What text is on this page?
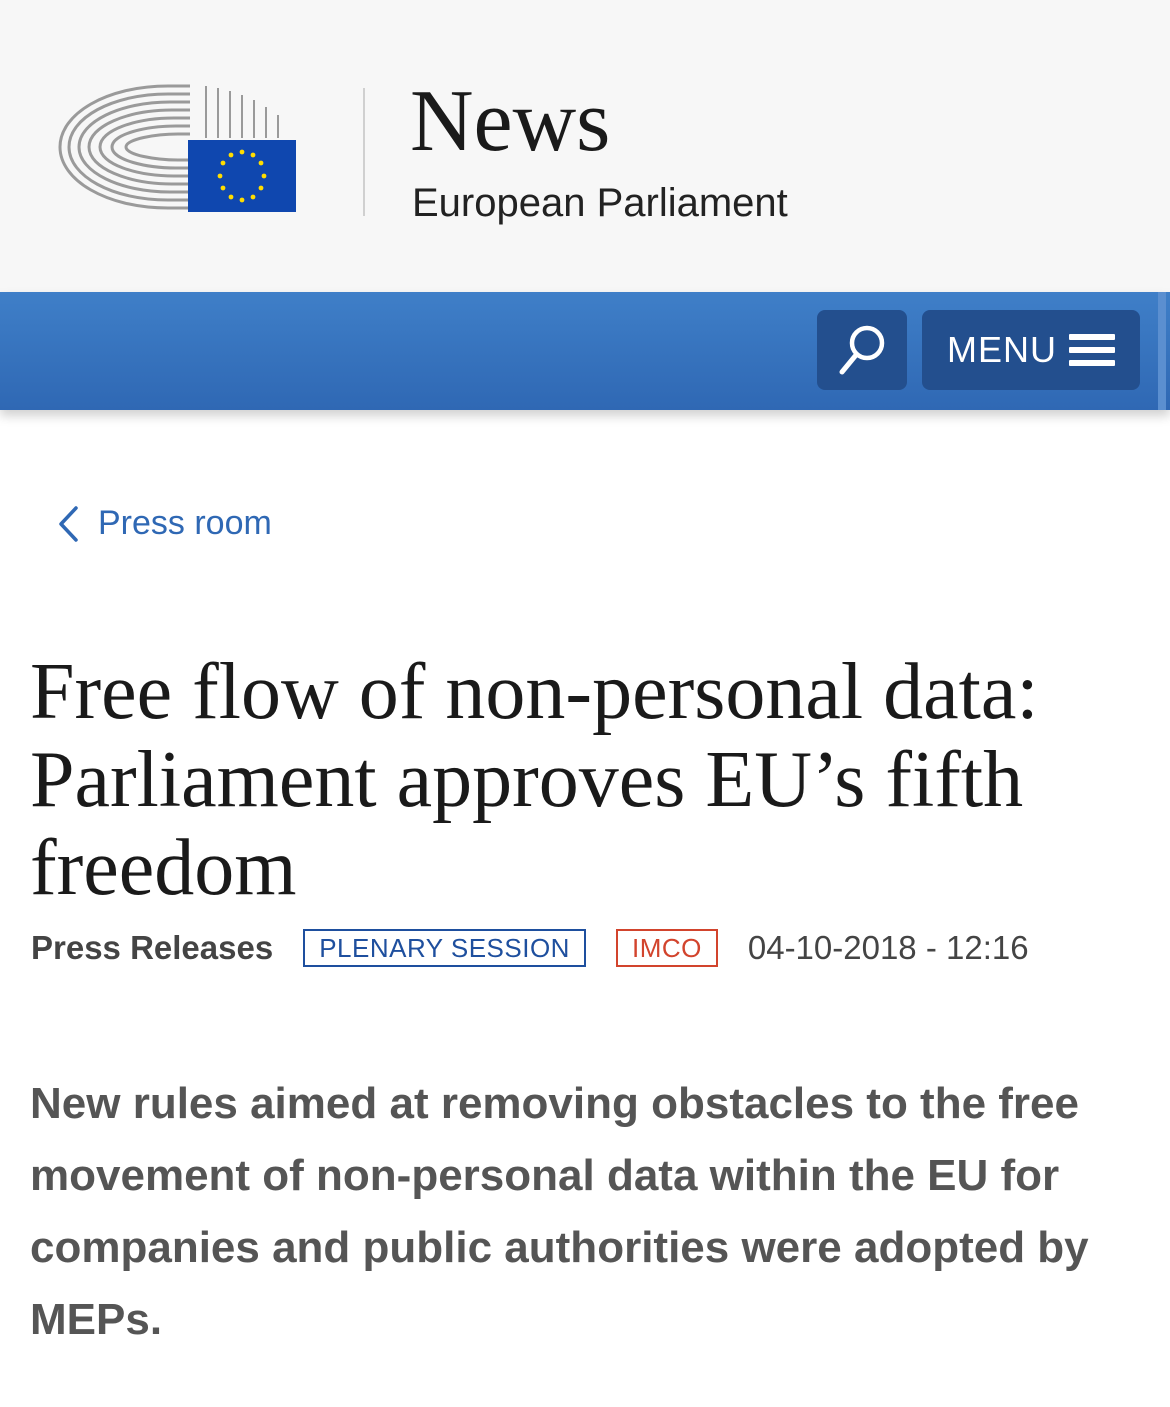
News
European Parliament
MENU
Press room
Free flow of non-personal data: Parliament approves EU’s fifth freedom
Press Releases	PLENARY SESSION	IMCO	04-10-2018 - 12:16

New rules aimed at removing obstacles to the free movement of non-personal data within the EU for companies and public authorities were adopted by MEPs.
